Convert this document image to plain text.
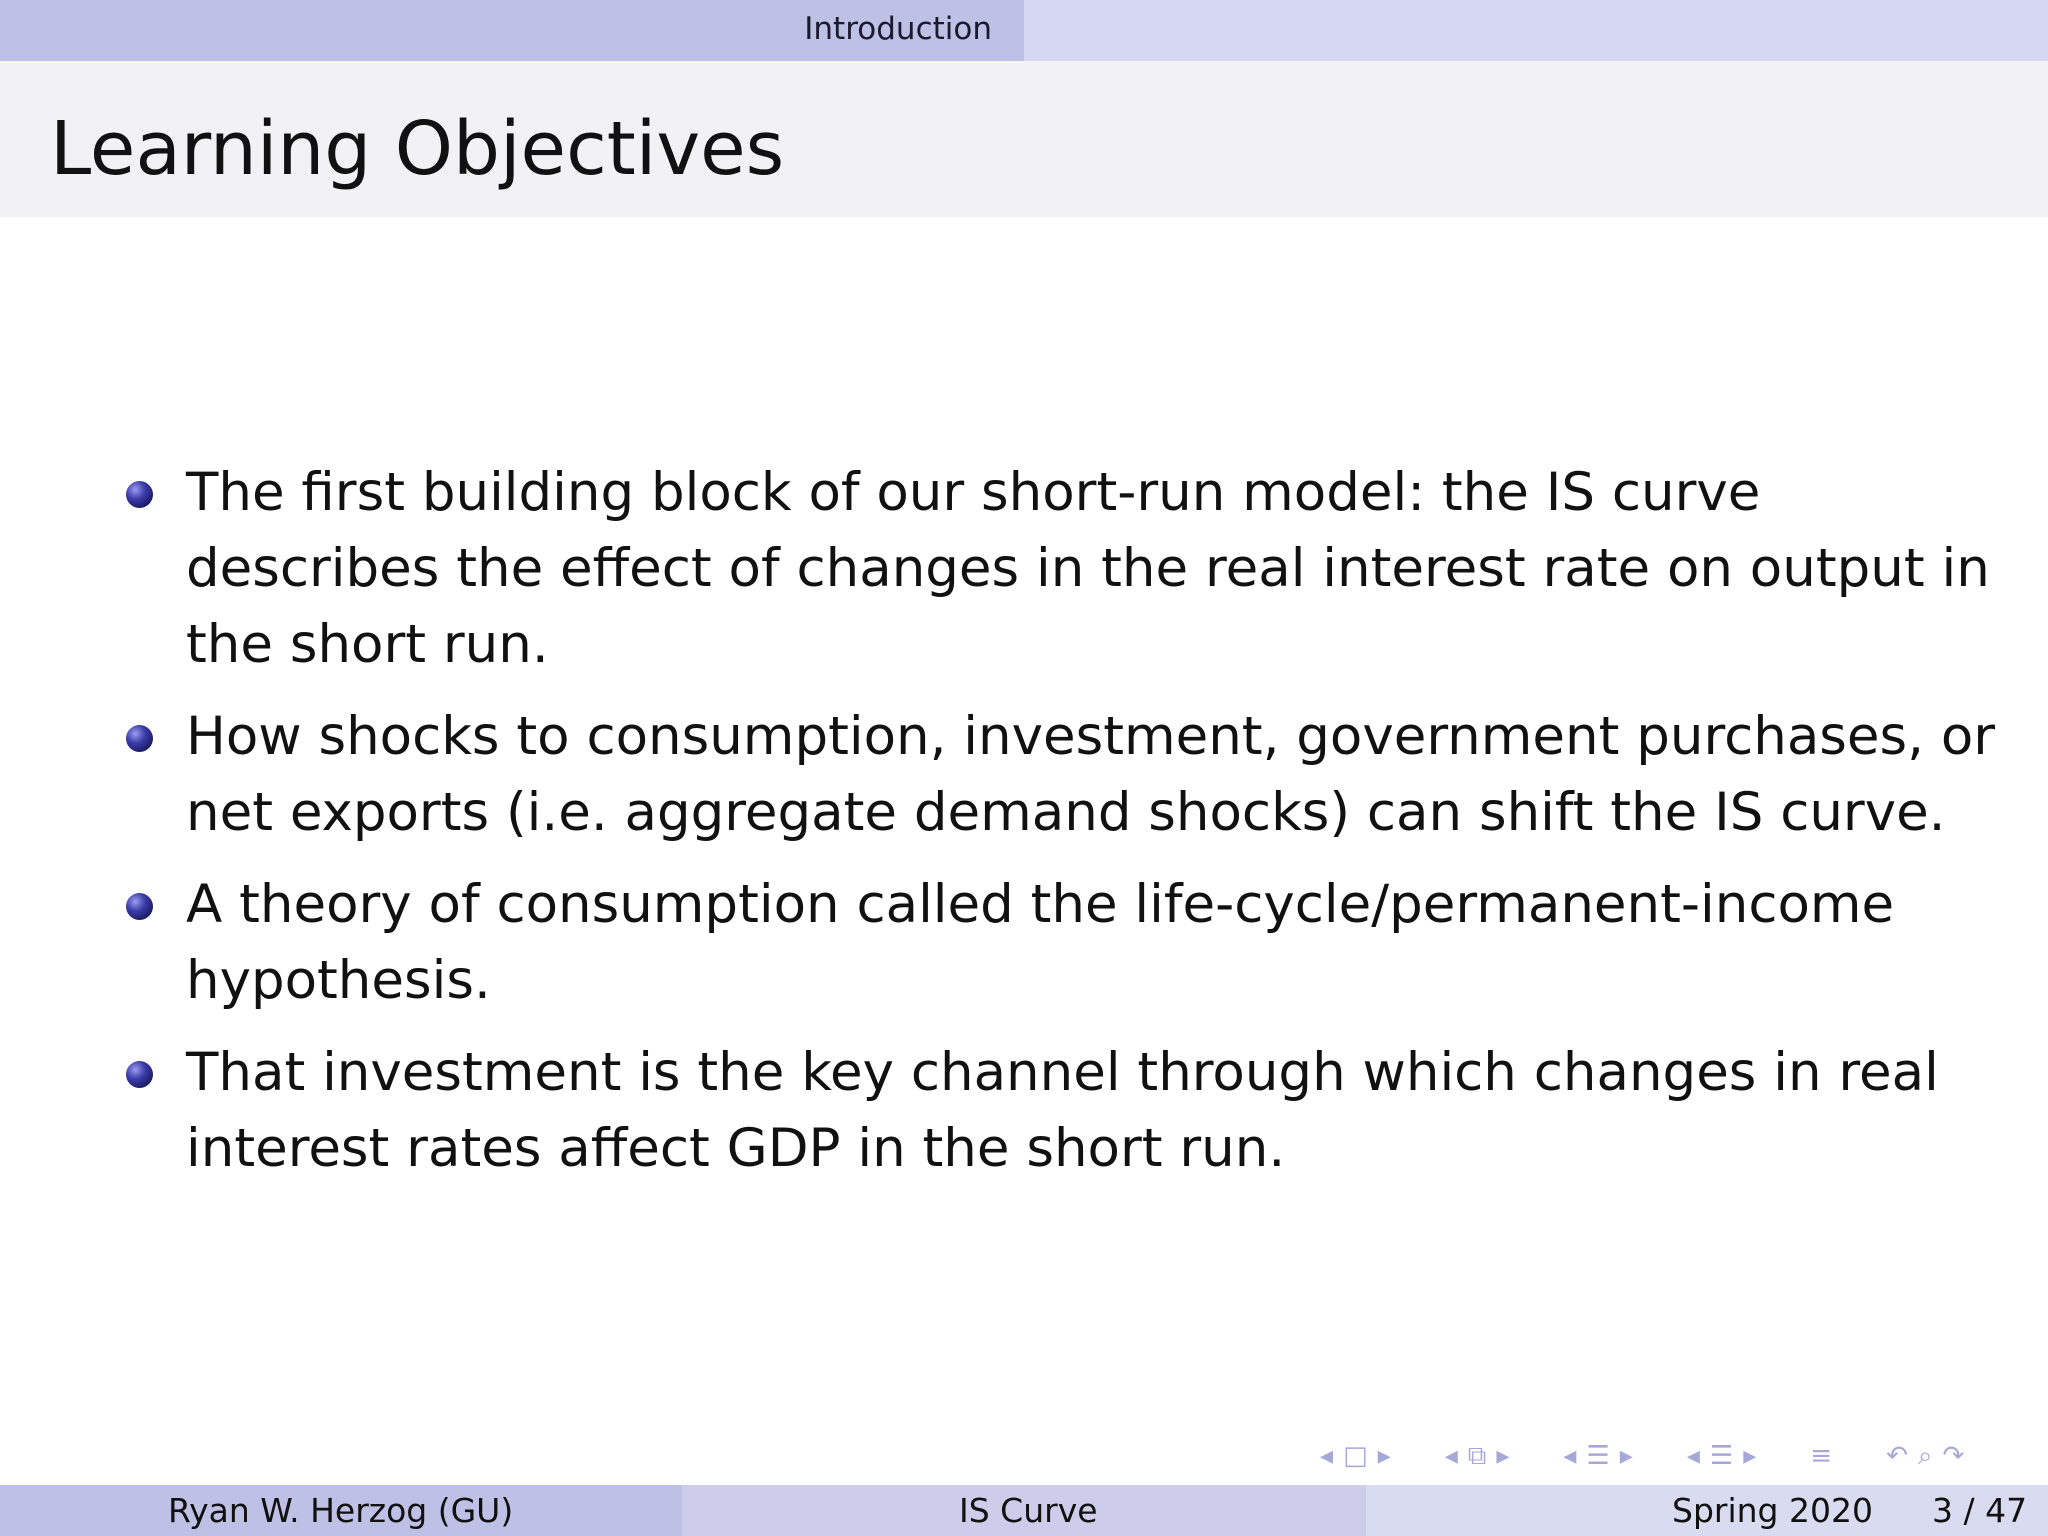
Introduction
Learning Objectives
The first building block of our short-run model: the IS curve describes the effect of changes in the real interest rate on output in the short run.
How shocks to consumption, investment, government purchases, or net exports (i.e. aggregate demand shocks) can shift the IS curve.
A theory of consumption called the life-cycle/permanent-income hypothesis.
That investment is the key channel through which changes in real interest rates affect GDP in the short run.
◂ □ ▸ ◂ ⧉ ▸ ◂ ☰ ▸ ◂ ☰ ▸ ≡ ↶ ⌕ ↷
Ryan W. Herzog (GU)	IS Curve	Spring 2020 3 / 47
